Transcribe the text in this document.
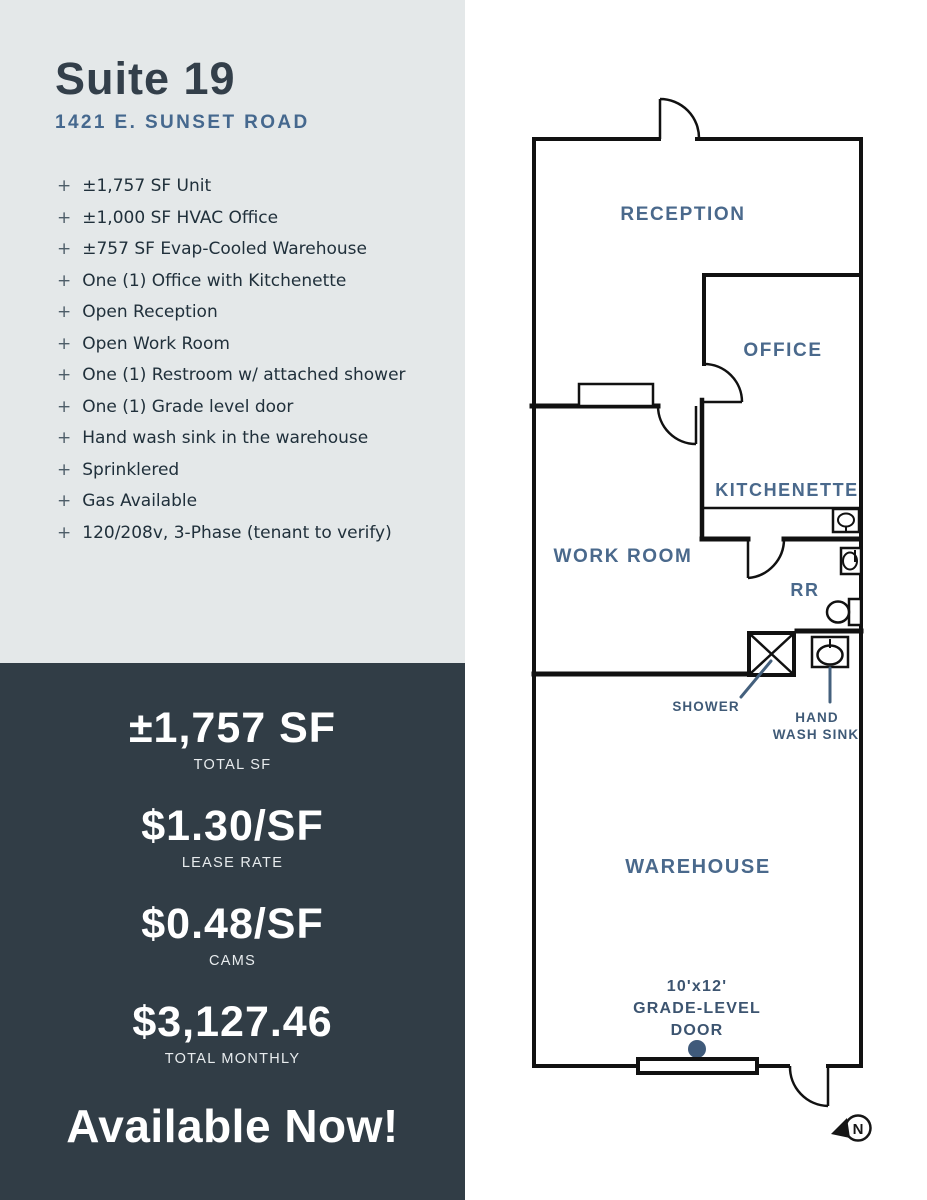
Suite 19
1421 E. SUNSET ROAD
+ ±1,757 SF Unit
+ ±1,000 SF HVAC Office
+ ±757 SF Evap-Cooled Warehouse
+ One (1) Office with Kitchenette
+ Open Reception
+ Open Work Room
+ One (1) Restroom w/ attached shower
+ One (1) Grade level door
+ Hand wash sink in the warehouse
+ Sprinklered
+ Gas Available
+ 120/208v, 3-Phase (tenant to verify)
±1,757 SF
TOTAL SF
$1.30/SF
LEASE RATE
$0.48/SF
CAMS
$3,127.46
TOTAL MONTHLY
Available Now!	N
RECEPTION
OFFICE
KITCHENETTE
WORK ROOM
RR
WAREHOUSE
SHOWER
HAND
WASH SINK
10'x12'
GRADE-LEVEL
DOOR
